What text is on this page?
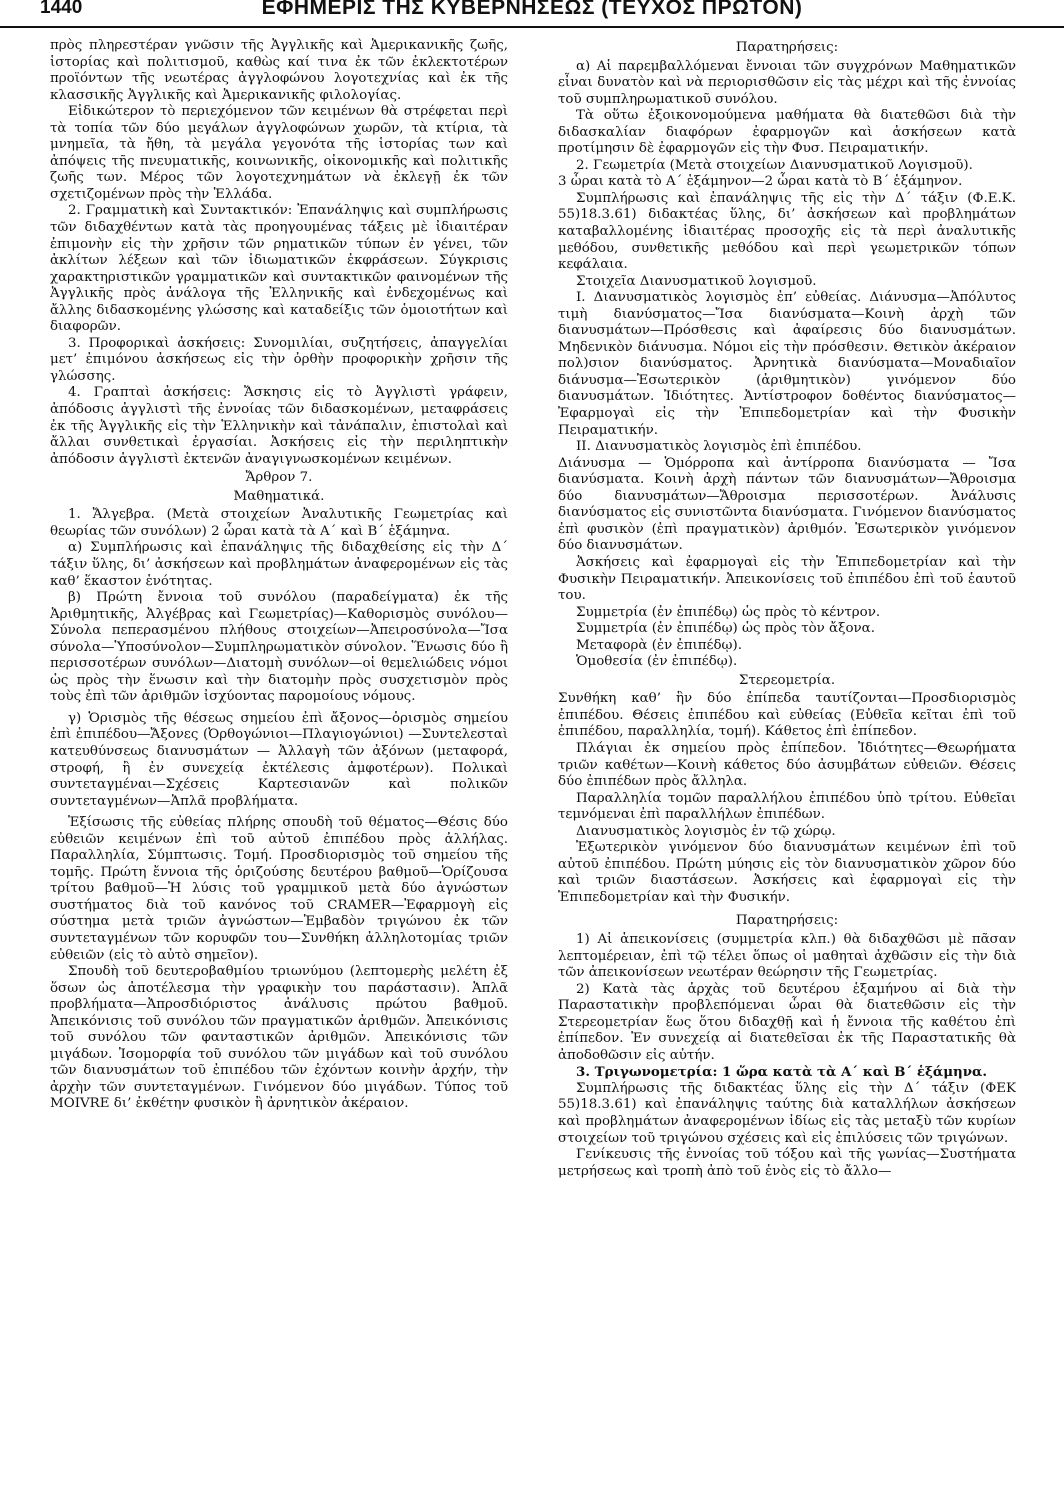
1440	ΕΦΗΜΕΡΙΣ ΤΗΣ ΚΥΒΕΡΝΗΣΕΩΣ (ΤΕΥΧΟΣ ΠΡΩΤΟΝ)

πρὸς πληρεστέραν γνῶσιν τῆς Ἀγγλικῆς καὶ Ἀμερικανικῆς ζωῆς, ἱστορίας καὶ πολιτισμοῦ, καθὼς καί τινα ἐκ τῶν ἐκλεκτοτέρων προϊόντων τῆς νεωτέρας ἀγγλοφώνου λογοτεχνίας καὶ ἐκ τῆς κλασσικῆς Ἀγγλικῆς καὶ Ἀμερικανικῆς φιλολογίας.

Εἰδικώτερον τὸ περιεχόμενον τῶν κειμένων θὰ στρέφεται περὶ τὰ τοπία τῶν δύο μεγάλων ἀγγλοφώνων χωρῶν, τὰ κτίρια, τὰ μνημεῖα, τὰ ἤθη, τὰ μεγάλα γεγονότα τῆς ἱστορίας των καὶ ἀπόψεις τῆς πνευματικῆς, κοινωνικῆς, οἰκονομικῆς καὶ πολιτικῆς ζωῆς των. Μέρος τῶν λογοτεχνημάτων νὰ ἐκλεγῇ ἐκ τῶν σχετιζομένων πρὸς τὴν Ἑλλάδα.

2. Γραμματικὴ καὶ Συντακτικόν: Ἐπανάληψις καὶ συμπλήρωσις τῶν διδαχθέντων κατὰ τὰς προηγουμένας τάξεις μὲ ἰδιαιτέραν ἐπιμονὴν εἰς τὴν χρῆσιν τῶν ρηματικῶν τύπων ἐν γένει, τῶν ἀκλίτων λέξεων καὶ τῶν ἰδιωματικῶν ἐκφράσεων. Σύγκρισις χαρακτηριστικῶν γραμματικῶν καὶ συντακτικῶν φαινομένων τῆς Ἀγγλικῆς πρὸς ἀνάλογα τῆς Ἑλληνικῆς καὶ ἐνδεχομένως καὶ ἄλλης διδασκομένης γλώσσης καὶ καταδείξις τῶν ὁμοιοτήτων καὶ διαφορῶν.

3. Προφορικαὶ ἀσκήσεις: Συνομιλίαι, συζητήσεις, ἀπαγγελίαι μετ’ ἐπιμόνου ἀσκήσεως εἰς τὴν ὀρθὴν προφορικὴν χρῆσιν τῆς γλώσσης.

4. Γραπταὶ ἀσκήσεις: Ἄσκησις εἰς τὸ Ἀγγλιστὶ γράφειν, ἀπόδοσις ἀγγλιστὶ τῆς ἐννοίας τῶν διδασκομένων, μεταφράσεις ἐκ τῆς Ἀγγλικῆς εἰς τὴν Ἑλληνικὴν καὶ τἀνάπαλιν, ἐπιστολαὶ καὶ ἄλλαι συνθετικαὶ ἐργασίαι. Ἀσκήσεις εἰς τὴν περιληπτικὴν ἀπόδοσιν ἀγγλιστὶ ἐκτενῶν ἀναγιγνωσκομένων κειμένων.

Ἄρθρον 7.
Μαθηματικά.

1. Ἄλγεβρα. (Μετὰ στοιχείων Ἀναλυτικῆς Γεωμετρίας καὶ θεωρίας τῶν συνόλων) 2 ὧραι κατὰ τὰ Α΄ καὶ Β΄ ἑξάμηνα.

α) Συμπλήρωσις καὶ ἐπανάληψις τῆς διδαχθείσης εἰς τὴν Δ΄ τάξιν ὕλης, δι’ ἀσκήσεων καὶ προβλημάτων ἀναφερομένων εἰς τὰς καθ’ ἕκαστον ἑνότητας.

β) Πρώτη ἔννοια τοῦ συνόλου (παραδείγματα) ἐκ τῆς Ἀριθμητικῆς, Ἀλγέβρας καὶ Γεωμετρίας)—Καθορισμὸς συνόλου—Σύνολα πεπερασμένου πλήθους στοιχείων—Ἀπειροσύνολα—Ἴσα σύνολα—Ὑποσύνολον—Συμπληρωματικὸν σύνολον. Ἕνωσις δύο ἢ περισσοτέρων συνόλων—Διατομὴ συνόλων—οἱ θεμελιώδεις νόμοι ὡς πρὸς τὴν ἕνωσιν καὶ τὴν διατομὴν πρὸς συσχετισμὸν πρὸς τοὺς ἐπὶ τῶν ἀριθμῶν ἰσχύοντας παρομοίους νόμους.

γ) Ὁρισμὸς τῆς θέσεως σημείου ἐπὶ ἄξονος—ὁρισμὸς σημείου ἐπὶ ἐπιπέδου—Ἄξονες (Ὀρθογώνιοι—Πλαγιογώνιοι) —Συντελεσταὶ κατευθύνσεως διανυσμάτων — Ἀλλαγὴ τῶν ἀξόνων (μεταφορά, στροφή, ἢ ἐν συνεχείᾳ ἐκτέλεσις ἀμφοτέρων). Πολικαὶ συντεταγμέναι—Σχέσεις Καρτεσιανῶν καὶ πολικῶν συντεταγμένων—Ἁπλᾶ προβλήματα.

Ἐξίσωσις τῆς εὐθείας πλήρης σπουδὴ τοῦ θέματος—Θέσις δύο εὐθειῶν κειμένων ἐπὶ τοῦ αὐτοῦ ἐπιπέδου πρὸς ἀλλήλας. Παραλληλία, Σύμπτωσις. Τομή. Προσδιορισμὸς τοῦ σημείου τῆς τομῆς. Πρώτη ἔννοια τῆς ὁριζούσης δευτέρου βαθμοῦ—Ὁρίζουσα τρίτου βαθμοῦ—Ἡ λύσις τοῦ γραμμικοῦ μετὰ δύο ἀγνώστων συστήματος διὰ τοῦ κανόνος τοῦ CRAMER—Ἐφαρμογὴ εἰς σύστημα μετὰ τριῶν ἀγνώστων—Ἐμβαδὸν τριγώνου ἐκ τῶν συντεταγμένων τῶν κορυφῶν του—Συνθήκη ἀλληλοτομίας τριῶν εὐθειῶν (εἰς τὸ αὐτὸ σημεῖον).

Σπουδὴ τοῦ δευτεροβαθμίου τριωνύμου (λεπτομερὴς μελέτη ἐξ ὅσων ὡς ἀποτέλεσμα τὴν γραφικὴν του παράστασιν). Ἁπλᾶ προβλήματα—Ἀπροσδιόριστος ἀνάλυσις πρώτου βαθμοῦ. Ἀπεικόνισις τοῦ συνόλου τῶν πραγματικῶν ἀριθμῶν. Ἀπεικόνισις τοῦ συνόλου τῶν φανταστικῶν ἀριθμῶν. Ἀπεικόνισις τῶν μιγάδων. Ἰσομορφία τοῦ συνόλου τῶν μιγάδων καὶ τοῦ συνόλου τῶν διανυσμάτων τοῦ ἐπιπέδου τῶν ἐχόντων κοινὴν ἀρχήν, τὴν ἀρχὴν τῶν συντεταγμένων. Γινόμενον δύο μιγάδων. Τύπος τοῦ MOIVRE δι’ ἐκθέτην φυσικὸν ἢ ἀρνητικὸν ἀκέραιον.

Παρατηρήσεις:

α) Αἱ παρεμβαλλόμεναι ἔννοιαι τῶν συγχρόνων Μαθηματικῶν εἶναι δυνατὸν καὶ νὰ περιορισθῶσιν εἰς τὰς μέχρι καὶ τῆς ἐννοίας τοῦ συμπληρωματικοῦ συνόλου.

Τὰ οὕτω ἐξοικονομούμενα μαθήματα θὰ διατεθῶσι διὰ τὴν διδασκαλίαν διαφόρων ἐφαρμογῶν καὶ ἀσκήσεων κατὰ προτίμησιν δὲ ἐφαρμογῶν εἰς τὴν Φυσ. Πειραματικήν.

2. Γεωμετρία (Μετὰ στοιχείων Διανυσματικοῦ Λογισμοῦ).

3 ὧραι κατὰ τὸ Α΄ ἑξάμηνον—2 ὧραι κατὰ τὸ Β΄ ἑξάμηνον.

Συμπλήρωσις καὶ ἐπανάληψις τῆς εἰς τὴν Δ΄ τάξιν (Φ.Ε.Κ. 55)18.3.61) διδακτέας ὕλης, δι’ ἀσκήσεων καὶ προβλημάτων καταβαλλομένης ἰδιαιτέρας προσοχῆς εἰς τὰ περὶ ἀναλυτικῆς μεθόδου, συνθετικῆς μεθόδου καὶ περὶ γεωμετρικῶν τόπων κεφάλαια.

Στοιχεῖα Διανυσματικοῦ λογισμοῦ.

Ι. Διανυσματικὸς λογισμὸς ἐπ’ εὐθείας. Διάνυσμα—Ἀπόλυτος τιμὴ διανύσματος—Ἴσα διανύσματα—Κοινὴ ἀρχὴ τῶν διανυσμάτων—Πρόσθεσις καὶ ἀφαίρεσις δύο διανυσμάτων. Μηδενικὸν διάνυσμα. Νόμοι εἰς τὴν πρόσθεσιν. Θετικὸν ἀκέραιον πολ)σιον διανύσματος. Ἀρνητικὰ διανύσματα—Μοναδιαῖον διάνυσμα—Ἐσωτερικὸν (ἀριθμητικὸν) γινόμενον δύο διανυσμάτων. Ἰδιότητες. Ἀντίστροφον δοθέντος διανύσματος—Ἐφαρμογαὶ εἰς τὴν Ἐπιπεδομετρίαν καὶ τὴν Φυσικὴν Πειραματικήν.

ΙΙ. Διανυσματικὸς λογισμὸς ἐπὶ ἐπιπέδου.

Διάνυσμα — Ὁμόρροπα καὶ ἀντίρροπα διανύσματα — Ἴσα διανύσματα. Κοινὴ ἀρχὴ πάντων τῶν διανυσμάτων—Ἄθροισμα δύο διανυσμάτων—Ἄθροισμα περισσοτέρων. Ἀνάλυσις διανύσματος εἰς συνιστῶντα διανύσματα. Γινόμενον διανύσματος ἐπὶ φυσικὸν (ἐπὶ πραγματικὸν) ἀριθμόν. Ἐσωτερικὸν γινόμενον δύο διανυσμάτων.

Ἀσκήσεις καὶ ἐφαρμογαὶ εἰς τὴν Ἐπιπεδομετρίαν καὶ τὴν Φυσικὴν Πειραματικήν. Ἀπεικονίσεις τοῦ ἐπιπέδου ἐπὶ τοῦ ἑαυτοῦ του.

Συμμετρία (ἐν ἐπιπέδῳ) ὡς πρὸς τὸ κέντρον.

Συμμετρία (ἐν ἐπιπέδῳ) ὡς πρὸς τὸν ἄξονα.

Μεταφορὰ (ἐν ἐπιπέδῳ).

Ὁμοθεσία (ἐν ἐπιπέδῳ).

Στερεομετρία.

Συνθήκη καθ’ ἣν δύο ἐπίπεδα ταυτίζονται—Προσδιορισμὸς ἐπιπέδου. Θέσεις ἐπιπέδου καὶ εὐθείας (Εὐθεῖα κεῖται ἐπὶ τοῦ ἐπιπέδου, παραλληλία, τομή). Κάθετος ἐπὶ ἐπίπεδον.

Πλάγιαι ἐκ σημείου πρὸς ἐπίπεδον. Ἰδιότητες—Θεωρήματα τριῶν καθέτων—Κοινὴ κάθετος δύο ἀσυμβάτων εὐθειῶν. Θέσεις δύο ἐπιπέδων πρὸς ἄλληλα.

Παραλληλία τομῶν παραλλήλου ἐπιπέδου ὑπὸ τρίτου. Εὐθεῖαι τεμνόμεναι ἐπὶ παραλλήλων ἐπιπέδων.

Διανυσματικὸς λογισμὸς ἐν τῷ χώρῳ.

Ἐξωτερικὸν γινόμενον δύο διανυσμάτων κειμένων ἐπὶ τοῦ αὐτοῦ ἐπιπέδου. Πρώτη μύησις εἰς τὸν διανυσματικὸν χῶρον δύο καὶ τριῶν διαστάσεων. Ἀσκήσεις καὶ ἐφαρμογαὶ εἰς τὴν Ἐπιπεδομετρίαν καὶ τὴν Φυσικήν.

Παρατηρήσεις:

1) Αἱ ἀπεικονίσεις (συμμετρία κλπ.) θὰ διδαχθῶσι μὲ πᾶσαν λεπτομέρειαν, ἐπὶ τῷ τέλει ὅπως οἱ μαθηταὶ ἀχθῶσιν εἰς τὴν διὰ τῶν ἀπεικονίσεων νεωτέραν θεώρησιν τῆς Γεωμετρίας.

2) Κατὰ τὰς ἀρχὰς τοῦ δευτέρου ἑξαμήνου αἱ διὰ τὴν Παραστατικὴν προβλεπόμεναι ὧραι θὰ διατεθῶσιν εἰς τὴν Στερεομετρίαν ἕως ὅτου διδαχθῇ καὶ ἡ ἔννοια τῆς καθέτου ἐπὶ ἐπίπεδον. Ἐν συνεχείᾳ αἱ διατεθεῖσαι ἐκ τῆς Παραστατικῆς θὰ ἀποδοθῶσιν εἰς αὐτήν.

3. Τριγωνομετρία: 1 ὥρα κατὰ τὰ Α΄ καὶ Β΄ ἑξάμηνα.

Συμπλήρωσις τῆς διδακτέας ὕλης εἰς τὴν Δ΄ τάξιν (ΦΕΚ 55)18.3.61) καὶ ἐπανάληψις ταύτης διὰ καταλλήλων ἀσκήσεων καὶ προβλημάτων ἀναφερομένων ἰδίως εἰς τὰς μεταξὺ τῶν κυρίων στοιχείων τοῦ τριγώνου σχέσεις καὶ εἰς ἐπιλύσεις τῶν τριγώνων.

Γενίκευσις τῆς ἐννοίας τοῦ τόξου καὶ τῆς γωνίας—Συστήματα μετρήσεως καὶ τροπὴ ἀπὸ τοῦ ἑνὸς εἰς τὸ ἄλλο—
